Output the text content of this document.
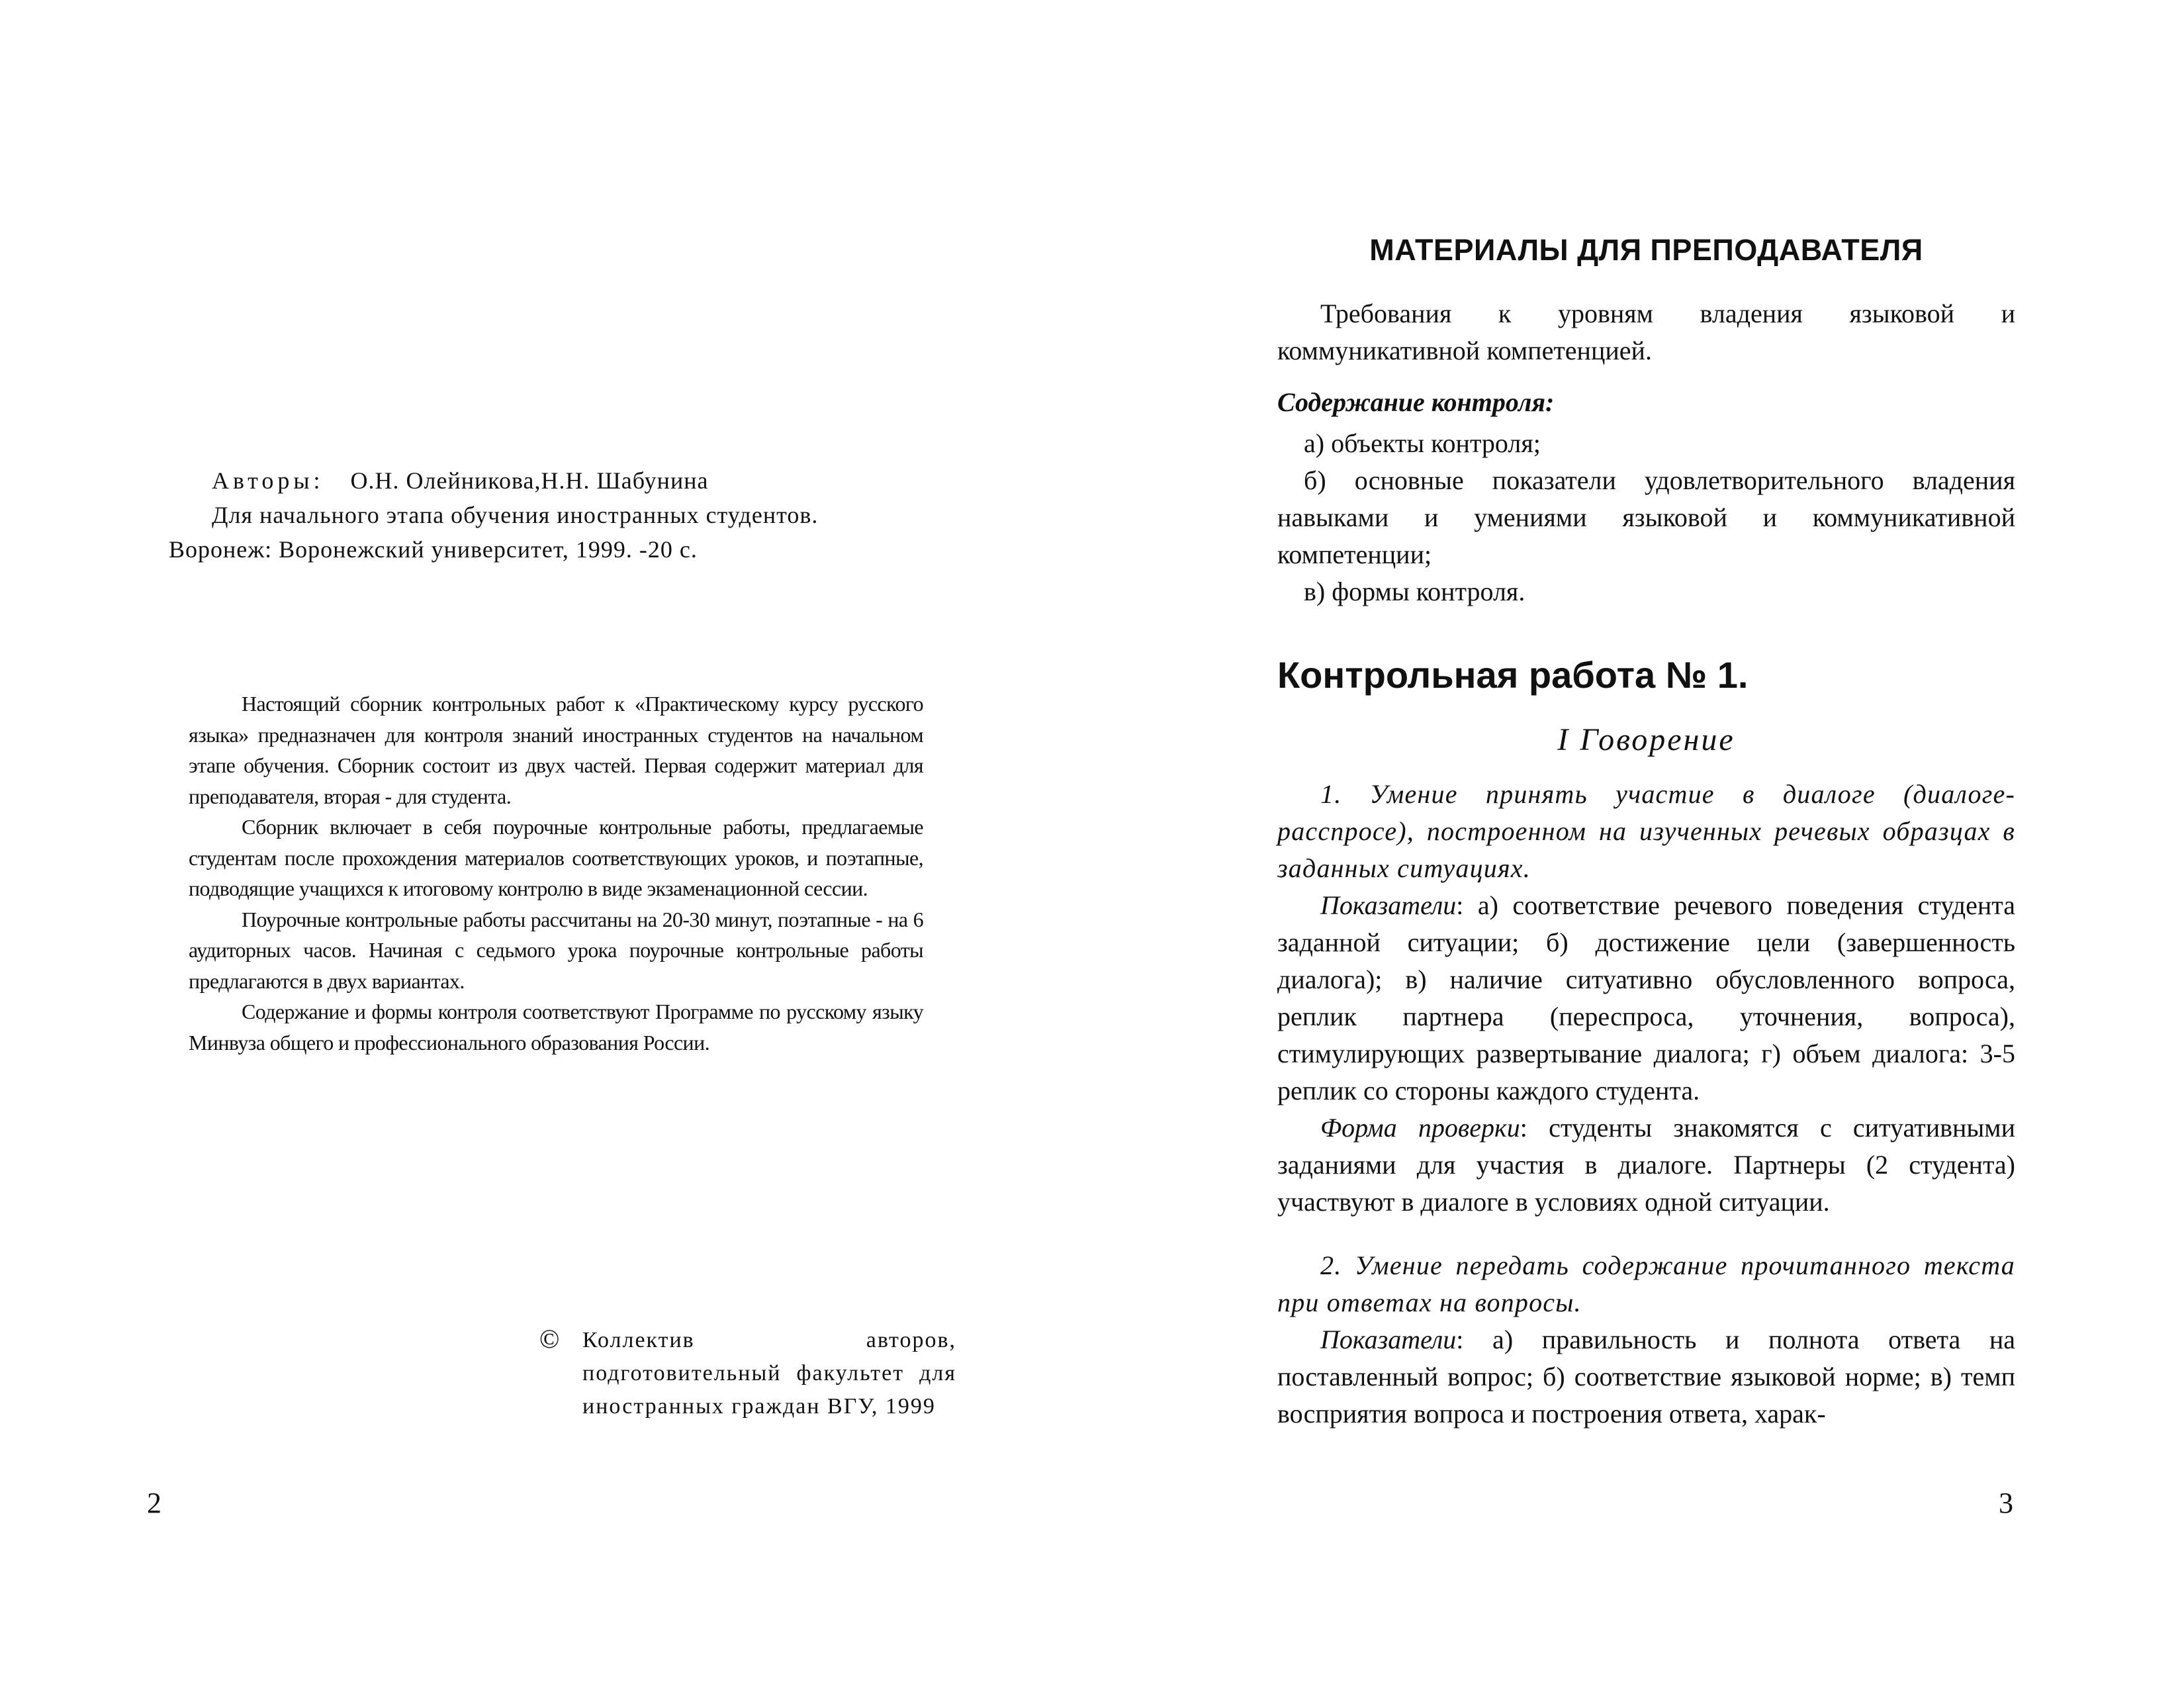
Авторы: О.Н. Олейникова,Н.Н. Шабунина
Для начального этапа обучения иностранных студентов.
Воронеж: Воронежский университет, 1999. -20 с.

Настоящий сборник контрольных работ к «Практическому курсу русского языка» предназначен для контроля знаний иностранных студентов на начальном этапе обучения. Сборник состоит из двух частей. Первая содержит материал для преподавателя, вторая - для студента.

Сборник включает в себя поурочные контрольные работы, предлагаемые студентам после прохождения материалов соответствующих уроков, и поэтапные, подводящие учащихся к итоговому контролю в виде экзаменационной сессии.

Поурочные контрольные работы рассчитаны на 20-30 минут, поэтапные - на 6 аудиторных часов. Начиная с седьмого урока поурочные контрольные работы предлагаются в двух вариантах.

Содержание и формы контроля соответствуют Программе по русскому языку Минвуза общего и профессионального образования России.

© Коллектив авторов, подготовительный факультет для иностранных граждан ВГУ, 1999
2
МАТЕРИАЛЫ ДЛЯ ПРЕПОДАВАТЕЛЯ

Требования к уровням владения языковой и коммуникативной компетенцией.

Содержание контроля:

а) объекты контроля;

б) основные показатели удовлетворительного владения навыками и умениями языковой и коммуникативной компетенции;

в) формы контроля.

Контрольная работа № 1.
I Говорение

1. Умение принять участие в диалоге (диалоге-расспросе), построенном на изученных речевых образцах в заданных ситуациях.

Показатели: а) соответствие речевого поведения студента заданной ситуации; б) достижение цели (завершенность диалога); в) наличие ситуативно обусловленного вопроса, реплик партнера (переспроса, уточнения, вопроса), стимулирующих развертывание диалога; г) объем диалога: 3-5 реплик со стороны каждого студента.

Форма проверки: студенты знакомятся с ситуативными заданиями для участия в диалоге. Партнеры (2 студента) участвуют в диалоге в условиях одной ситуации.

2. Умение передать содержание прочитанного текста при ответах на вопросы.

Показатели: а) правильность и полнота ответа на поставленный вопрос; б) соответствие языковой норме; в) темп восприятия вопроса и построения ответа, харак-

3
